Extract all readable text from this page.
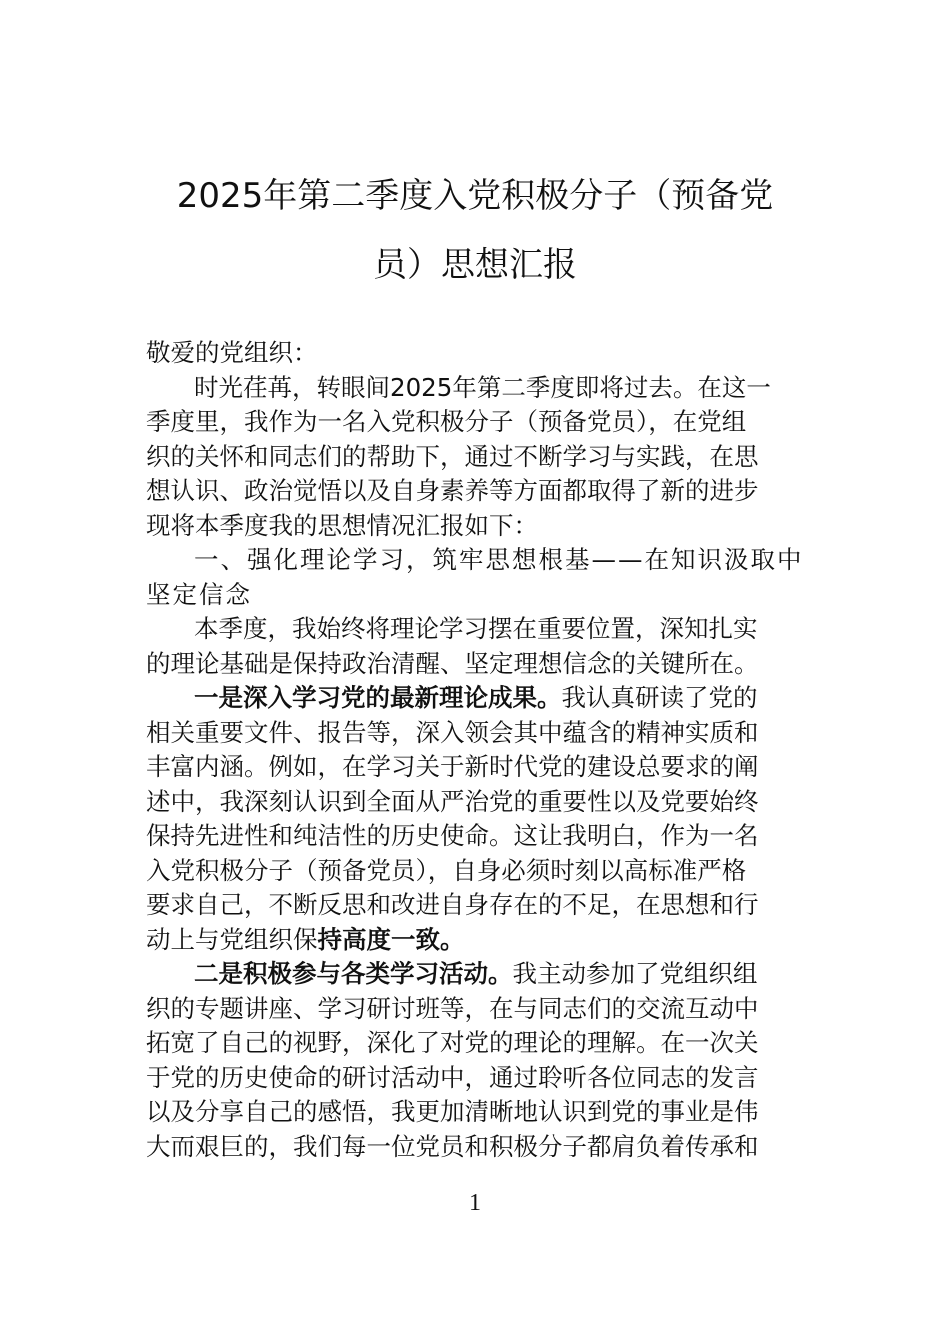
2025年第二季度入党积极分子（预备党
员）思想汇报
敬爱的党组织：
时光荏苒，转眼间2025年第二季度即将过去。在这一
季度里，我作为一名入党积极分子（预备党员），在党组
织的关怀和同志们的帮助下，通过不断学习与实践，在思
想认识、政治觉悟以及自身素养等方面都取得了新的进步
现将本季度我的思想情况汇报如下：
一、强化理论学习，筑牢思想根基——在知识汲取中
坚定信念
本季度，我始终将理论学习摆在重要位置，深知扎实
的理论基础是保持政治清醒、坚定理想信念的关键所在。
一是深入学习党的最新理论成果。我认真研读了党的
相关重要文件、报告等，深入领会其中蕴含的精神实质和
丰富内涵。例如，在学习关于新时代党的建设总要求的阐
述中，我深刻认识到全面从严治党的重要性以及党要始终
保持先进性和纯洁性的历史使命。这让我明白，作为一名
入党积极分子（预备党员），自身必须时刻以高标准严格
要求自己，不断反思和改进自身存在的不足，在思想和行
动上与党组织保持高度一致。
二是积极参与各类学习活动。我主动参加了党组织组
织的专题讲座、学习研讨班等，在与同志们的交流互动中
拓宽了自己的视野，深化了对党的理论的理解。在一次关
于党的历史使命的研讨活动中，通过聆听各位同志的发言
以及分享自己的感悟，我更加清晰地认识到党的事业是伟
大而艰巨的，我们每一位党员和积极分子都肩负着传承和
1
